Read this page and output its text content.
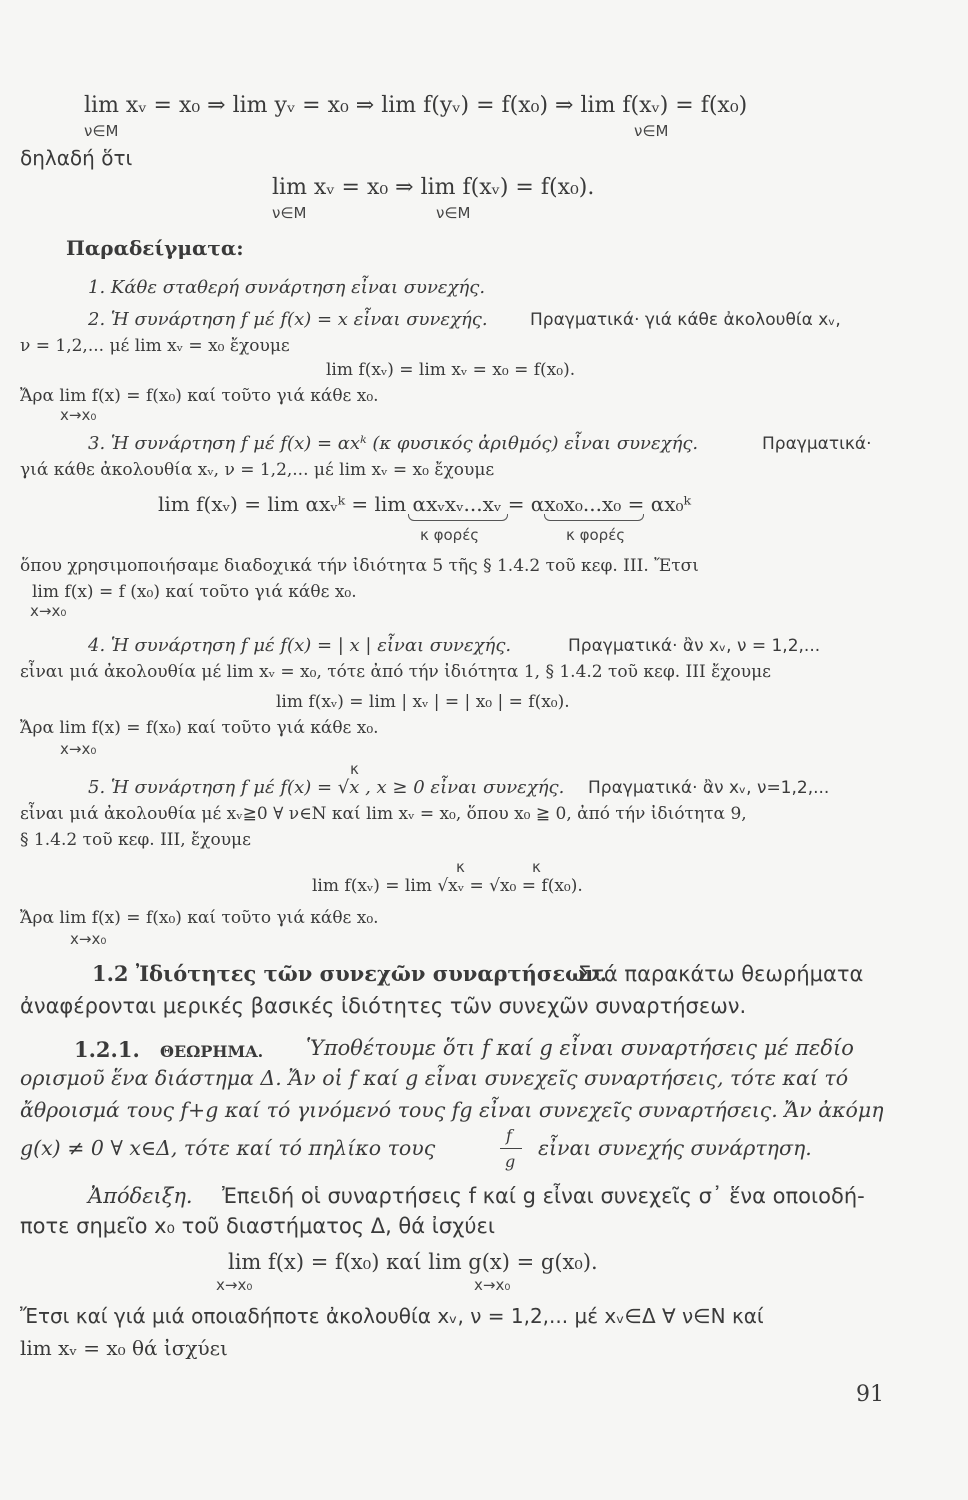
lim xᵥ = x₀ ⇒ lim yᵥ = x₀ ⇒ lim f(yᵥ) = f(x₀) ⇒ lim f(xᵥ) = f(x₀)
ν∈M	ν∈M
δηλαδή ὅτι
lim xᵥ = x₀ ⇒ lim f(xᵥ) = f(x₀).
ν∈M	ν∈M
Παραδείγματα:
1. Κάθε σταθερή συνάρτηση εἶναι συνεχής.
2. Ἡ συνάρτηση f μέ f(x) = x εἶναι συνεχής. Πραγματικά· γιά κάθε ἀκολουθία xᵥ,
ν = 1,2,... μέ lim xᵥ = x₀ ἔχουμε
lim f(xᵥ) = lim xᵥ = x₀ = f(x₀).
Ἄρα lim f(x) = f(x₀) καί τοῦτο γιά κάθε x₀.
x→x₀
3. Ἡ συνάρτηση f μέ f(x) = αxᵏ (κ φυσικός ἀριθμός) εἶναι συνεχής.	Πραγματικά·
γιά κάθε ἀκολουθία xᵥ, ν = 1,2,... μέ lim xᵥ = x₀ ἔχουμε
lim f(xᵥ) = lim αxᵥᵏ = lim αxᵥxᵥ...xᵥ = αx₀x₀...x₀ = αx₀ᵏ
κ φορές	κ φορές
ὅπου χρησιμοποιήσαμε διαδοχικά τήν ἰδιότητα 5 τῆς § 1.4.2 τοῦ κεφ. III. Ἔτσι
lim f(x) = f (x₀) καί τοῦτο γιά κάθε x₀.
x→x₀
4. Ἡ συνάρτηση f μέ f(x) = | x | εἶναι συνεχής.	Πραγματικά· ἂν xᵥ, ν = 1,2,...
εἶναι μιά ἀκολουθία μέ lim xᵥ = x₀, τότε ἀπό τήν ἰδιότητα 1, § 1.4.2 τοῦ κεφ. III ἔχουμε
lim f(xᵥ) = lim | xᵥ | = | x₀ | = f(x₀).
Ἄρα lim f(x) = f(x₀) καί τοῦτο γιά κάθε x₀.
x→x₀
κ
5. Ἡ συνάρτηση f μέ f(x) = √x , x ≥ 0 εἶναι συνεχής. Πραγματικά· ἂν xᵥ, ν=1,2,...
εἶναι μιά ἀκολουθία μέ xᵥ≧0 ∀ ν∈N καί lim xᵥ = x₀, ὅπου x₀ ≧ 0, ἀπό τήν ἰδιότητα 9,
§ 1.4.2 τοῦ κεφ. III, ἔχουμε
κ	κ
lim f(xᵥ) = lim √xᵥ = √x₀ = f(x₀).
Ἄρα lim f(x) = f(x₀) καί τοῦτο γιά κάθε x₀.
x→x₀
1.2 Ἰδιότητες τῶν συνεχῶν συναρτήσεων.
Στά παρακάτω θεωρήματα
ἀναφέρονται μερικές βασικές ἰδιότητες τῶν συνεχῶν συναρτήσεων.
1.2.1. ΘΕΩΡΗΜΑ. Ὑποθέτουμε ὅτι f καί g εἶναι συναρτήσεις μέ πεδίο
ορισμοῦ ἕνα διάστημα Δ. Ἄν οἱ f καί g εἶναι συνεχεῖς συναρτήσεις, τότε καί τό
ἄθροισμά τους f+g καί τό γινόμενό τους fg εἶναι συνεχεῖς συναρτήσεις. Ἄν ἀκόμη
g(x) ≠ 0 ∀ x∈Δ, τότε καί τό πηλίκο τους
f
g
εἶναι συνεχής συνάρτηση.
Ἀπόδειξη. Ἐπειδή οἱ συναρτήσεις f καί g εἶναι συνεχεῖς σ᾽ ἕνα οποιοδή-
ποτε σημεῖο x₀ τοῦ διαστήματος Δ, θά ἰσχύει
lim f(x) = f(x₀) καί lim g(x) = g(x₀).
x→x₀	x→x₀
Ἔτσι καί γιά μιά οποιαδήποτε ἀκολουθία xᵥ, ν = 1,2,... μέ xᵥ∈Δ ∀ ν∈N καί
lim xᵥ = x₀ θά ἰσχύει
91
